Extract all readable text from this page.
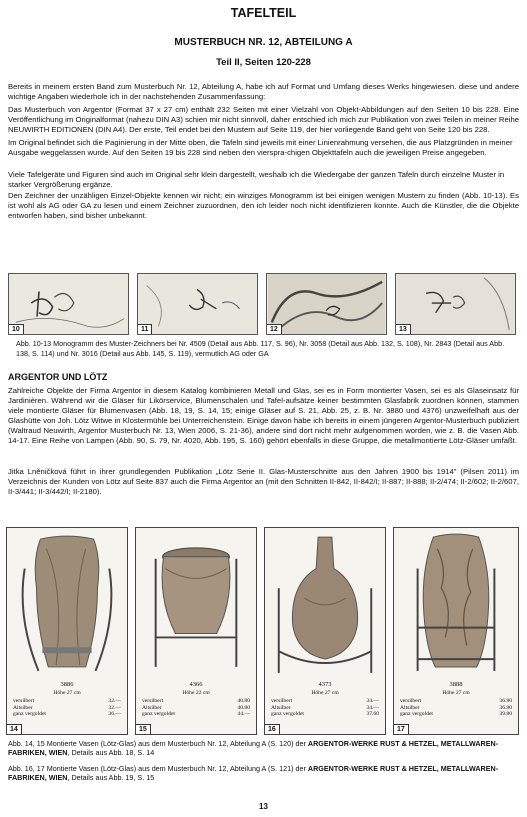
TAFELTEIL
MUSTERBUCH NR. 12, ABTEILUNG A
Teil II, Seiten 120-228

Bereits in meinem ersten Band zum Musterbuch Nr. 12, Abteilung A, habe ich auf Format und Umfang dieses Werks hingewiesen. diese und andere wichtige Angaben wiederhole ich in der nachstehenden Zusammenfassung:

Das Musterbuch von Argentor (Format 37 x 27 cm) enthält 232 Seiten mit einer Vielzahl von Objekt-Abbildungen auf den Seiten 10 bis 228. Eine Veröffentlichung im Originalformat (nahezu DIN A3) schien mir nicht sinnvoll, daher entschied ich mich zur Publikation von zwei Teilen in meiner Reihe NEUWIRTH EDITIONEN (DIN A4). Der erste, Teil endet bei den Mustern auf Seite 119, der hier vorliegende Band geht von Seite 120 bis 228.

Im Original befindet sich die Paginierung in der Mitte oben, die Tafeln sind jeweils mit einer Linienrahmung versehen, die aus Platzgründen in meiner Ausgabe weggelassen wurde. Auf den Seiten 19 bis 228 sind neben den vierspra-chigen Objekttafeln auch die jeweiligen Preise angegeben.

Viele Tafelgeräte und Figuren sind auch im Original sehr klein dargestellt, weshalb ich die Wiedergabe der ganzen Tafeln durch einzelne Muster in starker Vergrößerung ergänze.

Den Zeichner der unzähligen Einzel-Objekte kennen wir nicht; ein winziges Monogramm ist bei einigen wenigen Mustern zu finden (Abb. 10-13). Es ist wohl als AG oder GA zu lesen und einem Zeichner zuzuordnen, den ich leider noch nicht identifizieren konnte. Auch die Künstler, die die Objekte entworfen haben, sind bisher unbekannt.

10	11	12	13
Abb. 10-13 Monogramm des Muster-Zeichners bei Nr. 4509 (Detail aus Abb. 117, S. 96), Nr. 3058 (Detail aus Abb. 132, S. 108), Nr. 2843 (Detail aus Abb. 138, S. 114) und Nr. 3016 (Detail aus Abb. 145, S. 119), vermutlich AG oder GA
ARGENTOR UND LÖTZ

Zahlreiche Objekte der Firma Argentor in diesem Katalog kombinieren Metall und Glas, sei es in Form montierter Vasen, sei es als Glaseinsatz für Jardinièren. Während wir die Gläser für Likörservice, Blumenschalen und Tafel-aufsätze keiner bestimmten Glasfabrik zuordnen können, stammen viele montierte Gläser für Blumenvasen (Abb. 18, 19, S. 14, 15; einige Gläser auf S. 21, Abb. 25, z. B. Nr. 3880 und 4376) unzweifelhaft aus der Glashütte von Joh. Lötz Witwe in Klostermühle bei Unterreichenstein. Einige davon habe ich bereits in einem jüngeren Argentor-Musterbuch publiziert (Waltraud Neuwirth, Argentor Musterbuch Nr. 13, Wien 2006, S. 21-36), andere sind dort nicht mehr aufgenommen worden, wie z. B. die Vasen Abb. 14-17. Eine Reihe von Lampen (Abb. 90, S. 79, Nr. 4020, Abb. 195, S. 160) gehört ebenfalls in diese Gruppe, die metallmontierte Lötz-Gläser umfaßt.

Jitka Lněničková führt in ihrer grundlegenden Publikation „Lötz Serie II. Glas-Musterschnitte aus den Jahren 1900 bis 1914" (Pilsen 2011) im Verzeichnis der Kunden von Lötz auf Seite 837 auch die Firma Argentor an (mit den Schnitten II-842, II-842/I; II-887; II-888; II-2/474; II-2/602; II-2/607, II-3/441; II-3/442/I; II-2180).

3886
Höhe 27 cm
versilbert	32.—
Altsilber	32.—
ganz vergoldet	36.—
14
4366
Höhe 22 cm
versilbert	40.80
Altsilber	40.80
ganz vergoldet	44.—
15
4373
Höhe 27 cm
versilbert	34.—
Altsilber	34.—
ganz vergoldet	37.60
16
3888
Höhe 27 cm
versilbert	36.80
Altsilber	36.80
ganz vergoldet	39.80
17
Abb. 14, 15 Montierte Vasen (Lötz-Glas) aus dem Musterbuch Nr. 12, Abteilung A (S. 120) der ARGENTOR-WERKE RUST & HETZEL, METALLWAREN-FABRIKEN, WIEN, Details aus Abb. 18, S. 14
Abb. 16, 17 Montierte Vasen (Lötz-Glas) aus dem Musterbuch Nr. 12, Abteilung A (S. 121) der ARGENTOR-WERKE RUST & HETZEL, METALLWAREN-FABRIKEN, WIEN, Details aus Abb. 19, S. 15
13
